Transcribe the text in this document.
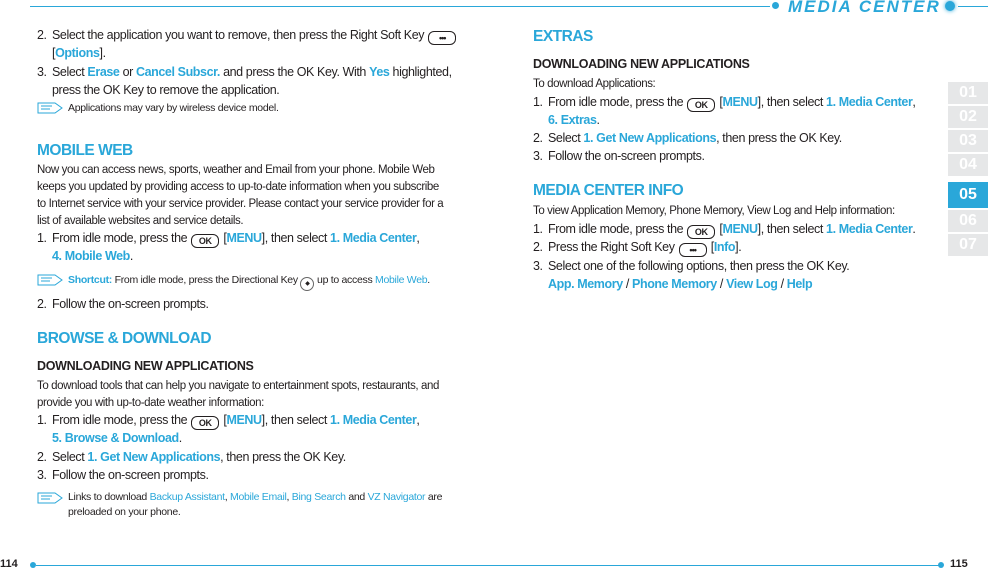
MEDIA CENTER
01
02
03
04
05
06
07
2. Select the application you want to remove, then press the Right Soft Key •••
[Options].
3. Select Erase or Cancel Subscr. and press the OK Key. With Yes highlighted,
press the OK Key to remove the application.
Applications may vary by wireless device model.
MOBILE WEB
Now you can access news, sports, weather and Email from your phone. Mobile Web
keeps you updated by providing access to up-to-date information when you subscribe
to Internet service with your service provider. Please contact your service provider for a
list of available websites and service details.
1. From idle mode, press the OK [MENU], then select 1. Media Center,
4. Mobile Web.
Shortcut: From idle mode, press the Directional Key ◆ up to access Mobile Web.
2. Follow the on-screen prompts.
BROWSE & DOWNLOAD
DOWNLOADING NEW APPLICATIONS
To download tools that can help you navigate to entertainment spots, restaurants, and
provide you with up-to-date weather information:
1. From idle mode, press the OK [MENU], then select 1. Media Center,
5. Browse & Download.
2. Select 1. Get New Applications, then press the OK Key.
3. Follow the on-screen prompts.
Links to download Backup Assistant, Mobile Email, Bing Search and VZ Navigator are
preloaded on your phone.
EXTRAS
DOWNLOADING NEW APPLICATIONS
To download Applications:
1. From idle mode, press the OK [MENU], then select 1. Media Center,
6. Extras.
2. Select 1. Get New Applications, then press the OK Key.
3. Follow the on-screen prompts.
MEDIA CENTER INFO
To view Application Memory, Phone Memory, View Log and Help information:
1. From idle mode, press the OK [MENU], then select 1. Media Center.
2. Press the Right Soft Key ••• [Info].
3. Select one of the following options, then press the OK Key.
App. Memory / Phone Memory / View Log / Help
114	115
